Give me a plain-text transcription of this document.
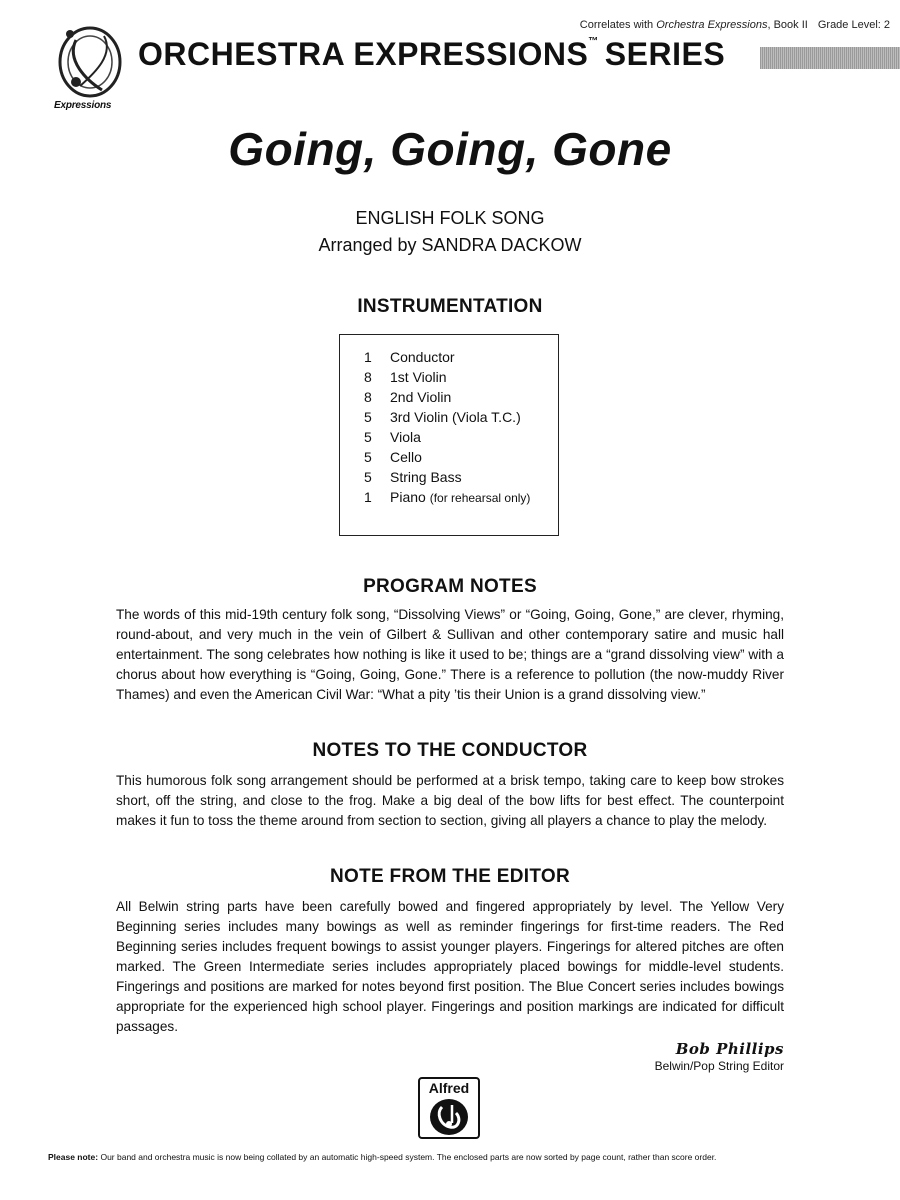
Expressions
Correlates with Orchestra Expressions, Book II Grade Level: 2
ORCHESTRA EXPRESSIONS™ SERIES
Going, Going, Gone
ENGLISH FOLK SONG
Arranged by SANDRA DACKOW
INSTRUMENTATION
1	Conductor
8	1st Violin
8	2nd Violin
5	3rd Violin (Viola T.C.)
5	Viola
5	Cello
5	String Bass
1	Piano (for rehearsal only)
PROGRAM NOTES

The words of this mid-19th century folk song, “Dissolving Views” or “Going, Going, Gone,” are clever, rhyming, round-about, and very much in the vein of Gilbert & Sullivan and other contemporary satire and music hall entertainment. The song celebrates how nothing is like it used to be; things are a “grand dissolving view” with a chorus about how everything is “Going, Going, Gone.” There is a reference to pollution (the now-muddy River Thames) and even the American Civil War: “What a pity ’tis their Union is a grand dissolving view.”

NOTES TO THE CONDUCTOR

This humorous folk song arrangement should be performed at a brisk tempo, taking care to keep bow strokes short, off the string, and close to the frog. Make a big deal of the bow lifts for best effect. The counterpoint makes it fun to toss the theme around from section to section, giving all players a chance to play the melody.

NOTE FROM THE EDITOR

All Belwin string parts have been carefully bowed and fingered appropriately by level. The Yellow Very Beginning series includes many bowings as well as reminder fingerings for first-time readers. The Red Beginning series includes frequent bowings to assist younger players. Fingerings for altered pitches are often marked. The Green Intermediate series includes appropriately placed bowings for middle-level students. Fingerings and positions are marked for notes beyond first position. The Blue Concert series includes bowings appropriate for the experienced high school player. Fingerings and position markings are indicated for difficult passages.

Bob Phillips
Belwin/Pop String Editor
Alfred
Please note: Our band and orchestra music is now being collated by an automatic high-speed system. The enclosed parts are now sorted by page count, rather than score order.
